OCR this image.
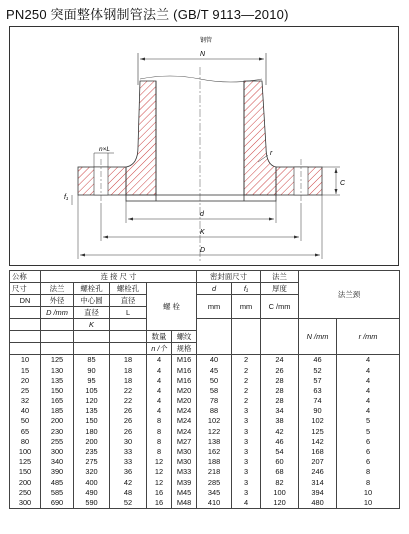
PN250 突面整体钢制管法兰 (GB/T 9113—2010)
钢管
N
n×L
r
f₁
C
d
K
D
公称	连 接 尺 寸					密封面尺寸		法兰	法兰颈	
尺寸	法兰	螺栓孔	螺栓孔	螺 栓		d	f₁	厚度		
DN	外径	中心圆	直径			mm	mm	C /mm		
	D /mm	直径	L							
		K							N /mm	r /mm
				数量	螺纹					
				n /个	规格					
10	125	85	18	4	M16	40	2	24	46	4
15	130	90	18	4	M16	45	2	26	52	4
20	135	95	18	4	M16	50	2	28	57	4
25	150	105	22	4	M20	58	2	28	63	4
32	165	120	22	4	M20	78	2	28	74	4
40	185	135	26	4	M24	88	3	34	90	4
50	200	150	26	8	M24	102	3	38	102	5
65	230	180	26	8	M24	122	3	42	125	5
80	255	200	30	8	M27	138	3	46	142	6
100	300	235	33	8	M30	162	3	54	168	6
125	340	275	33	12	M30	188	3	60	207	6
150	390	320	36	12	M33	218	3	68	246	8
200	485	400	42	12	M39	285	3	82	314	8
250	585	490	48	16	M45	345	3	100	394	10
300	690	590	52	16	M48	410	4	120	480	10
